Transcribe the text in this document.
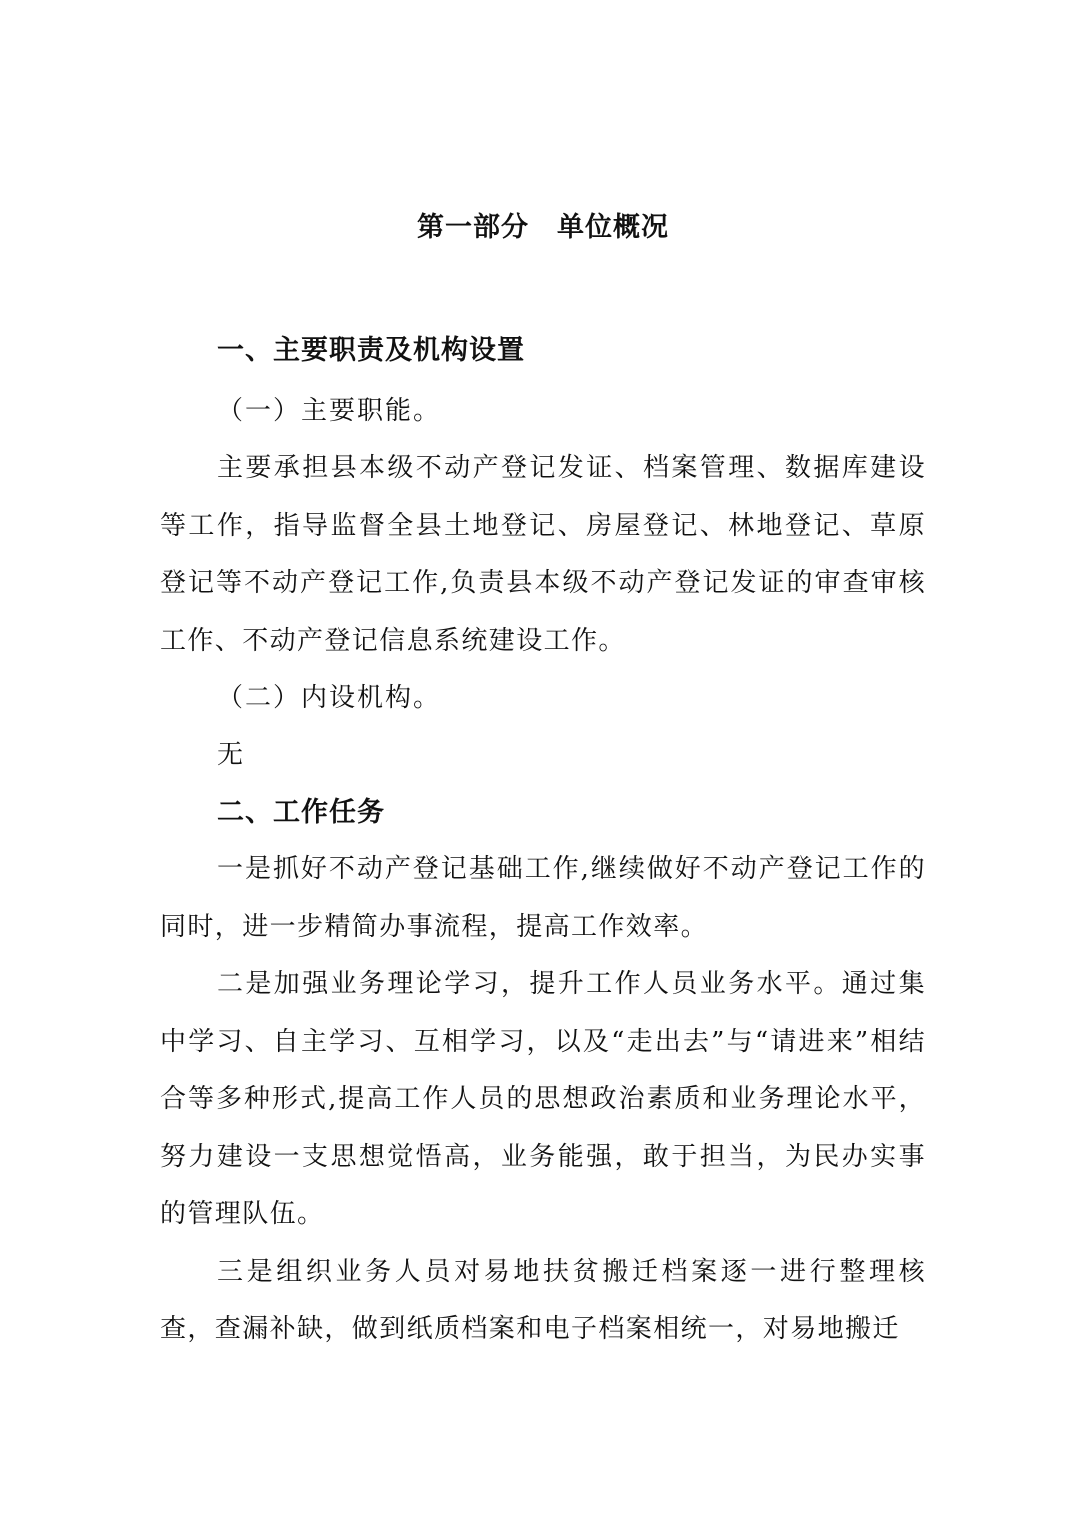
第一部分　单位概况

一、主要职责及机构设置

（一）主要职能。

主要承担县本级不动产登记发证、档案管理、数据库建设等工作，指导监督全县土地登记、房屋登记、林地登记、草原登记等不动产登记工作,负责县本级不动产登记发证的审查审核工作、不动产登记信息系统建设工作。

（二）内设机构。

无

二、工作任务

一是抓好不动产登记基础工作,继续做好不动产登记工作的同时，进一步精简办事流程，提高工作效率。

二是加强业务理论学习，提升工作人员业务水平。通过集中学习、自主学习、互相学习，以及“走出去”与“请进来”相结合等多种形式,提高工作人员的思想政治素质和业务理论水平，努力建设一支思想觉悟高，业务能强，敢于担当，为民办实事的管理队伍。

三是组织业务人员对易地扶贫搬迁档案逐一进行整理核查，查漏补缺，做到纸质档案和电子档案相统一，对易地搬迁
